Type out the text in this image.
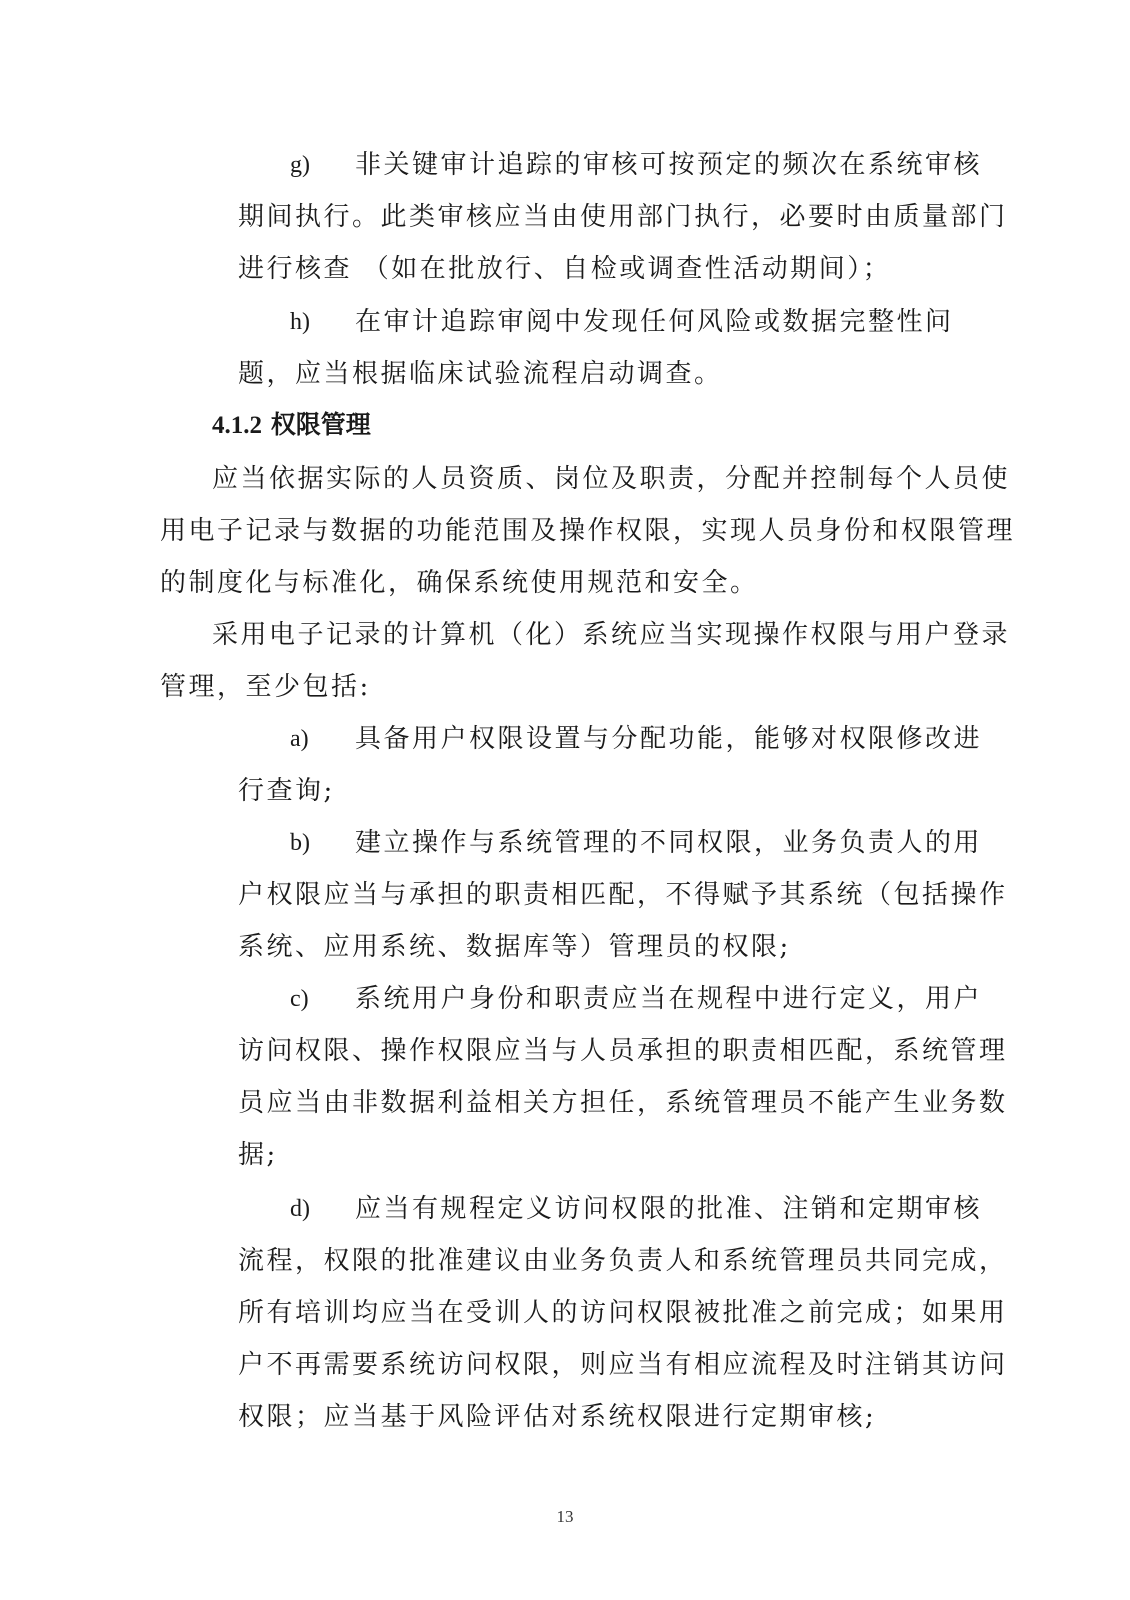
g) 非关键审计追踪的审核可按预定的频次在系统审核

期间执行。此类审核应当由使用部门执行，必要时由质量部门

进行核查 （如在批放行、自检或调查性活动期间）；

h) 在审计追踪审阅中发现任何风险或数据完整性问

题，应当根据临床试验流程启动调查。

4.1.2 权限管理

应当依据实际的人员资质、岗位及职责，分配并控制每个人员使

用电子记录与数据的功能范围及操作权限，实现人员身份和权限管理

的制度化与标准化，确保系统使用规范和安全。

采用电子记录的计算机（化）系统应当实现操作权限与用户登录

管理，至少包括:

a) 具备用户权限设置与分配功能，能够对权限修改进

行查询;

b) 建立操作与系统管理的不同权限，业务负责人的用

户权限应当与承担的职责相匹配，不得赋予其系统（包括操作

系统、应用系统、数据库等）管理员的权限;

c) 系统用户身份和职责应当在规程中进行定义，用户

访问权限、操作权限应当与人员承担的职责相匹配，系统管理

员应当由非数据利益相关方担任，系统管理员不能产生业务数

据;

d) 应当有规程定义访问权限的批准、注销和定期审核

流程，权限的批准建议由业务负责人和系统管理员共同完成，

所有培训均应当在受训人的访问权限被批准之前完成；如果用

户不再需要系统访问权限，则应当有相应流程及时注销其访问

权限；应当基于风险评估对系统权限进行定期审核;

13
